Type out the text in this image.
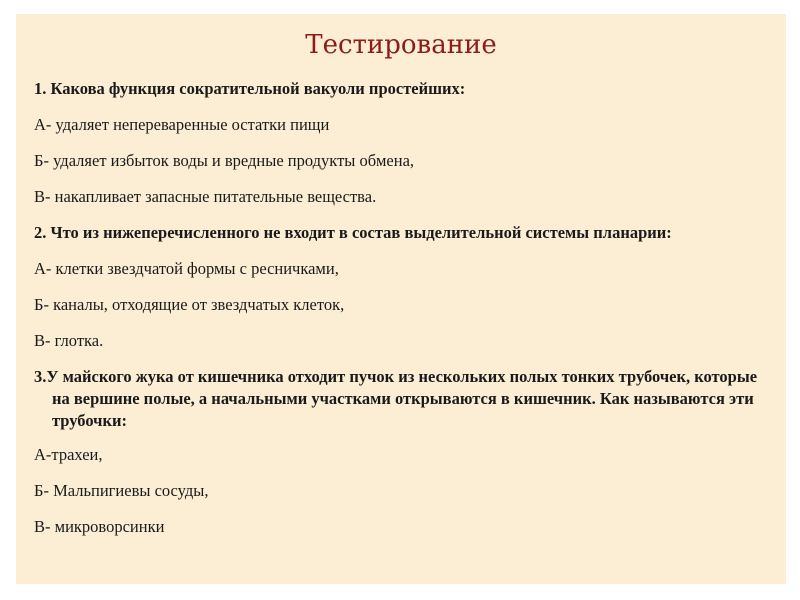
Тестирование

1. Какова функция сократительной вакуоли простейших:

А- удаляет непереваренные остатки пищи

Б- удаляет избыток воды и вредные продукты обмена,

В- накапливает запасные питательные вещества.

2. Что из нижеперечисленного не входит в состав выделительной системы планарии:

А- клетки звездчатой формы с ресничками,

Б- каналы, отходящие от звездчатых клеток,

В- глотка.

3.У майского жука от кишечника отходит пучок из нескольких полых тонких трубочек, которые на вершине полые, а начальными участками открываются в кишечник. Как называются эти трубочки:

А-трахеи,

Б- Мальпигиевы сосуды,

В- микроворсинки
